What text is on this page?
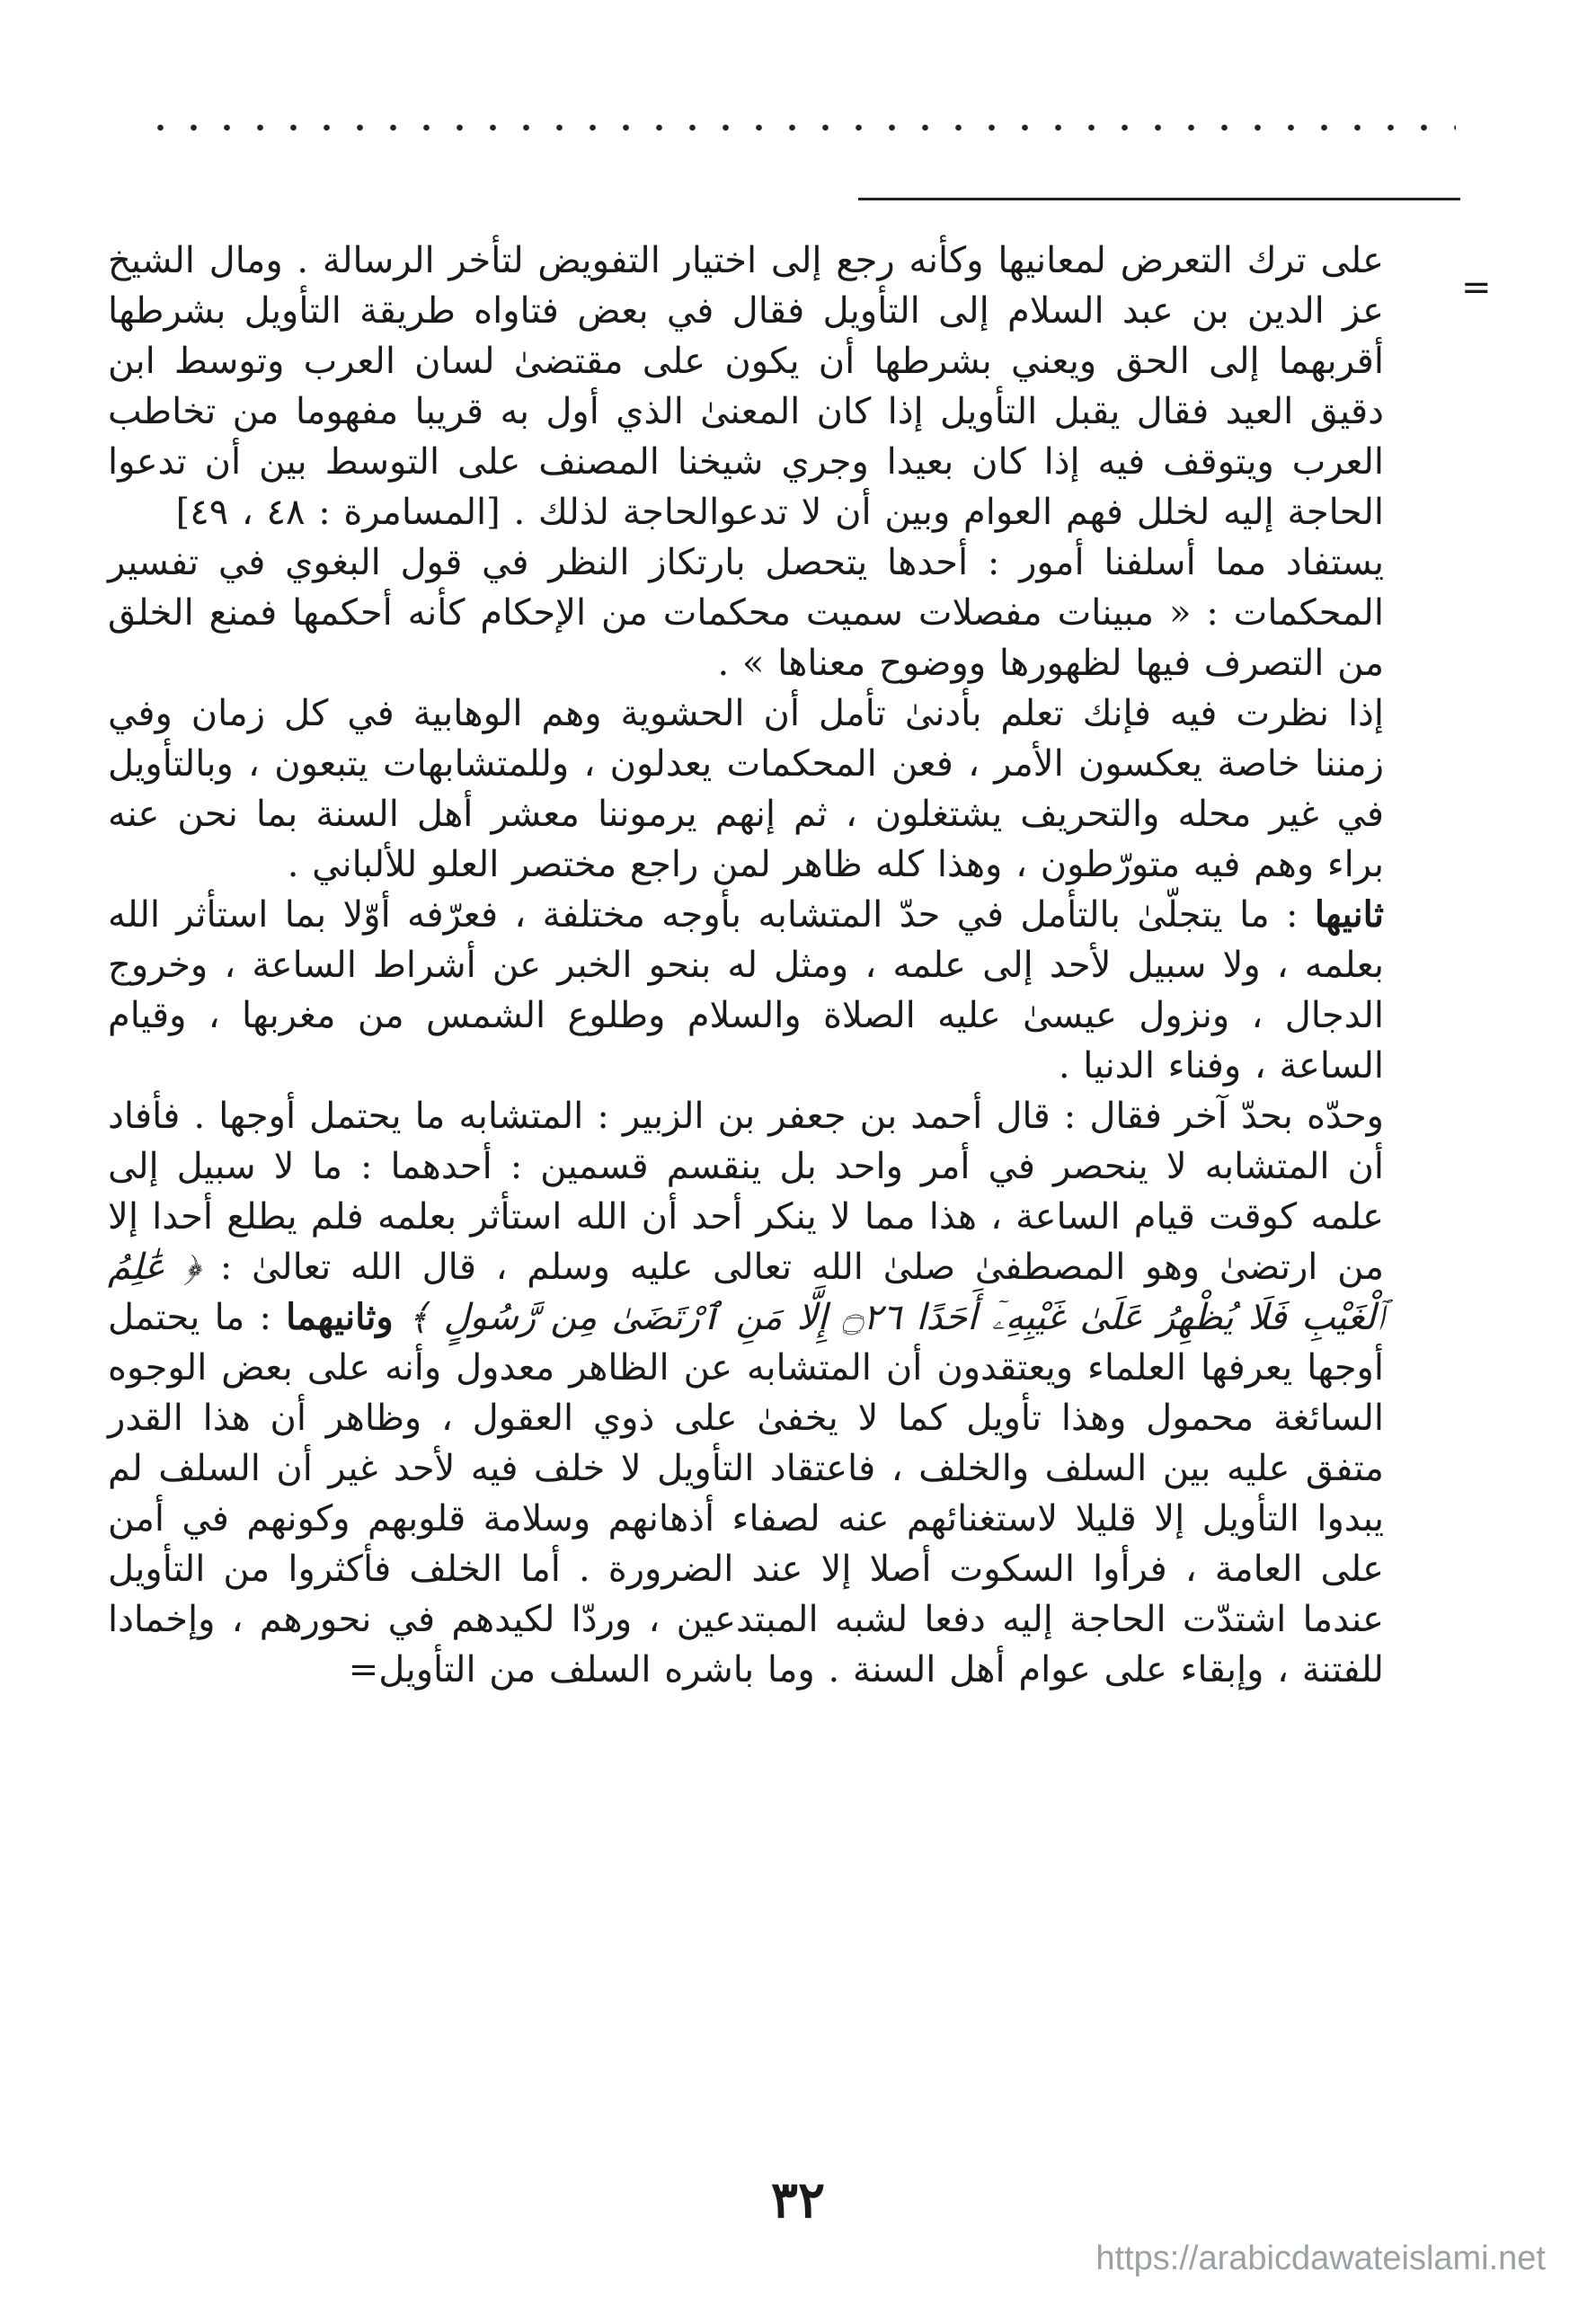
=

على ترك التعرض لمعانيها وكأنه رجع إلى اختيار التفويض لتأخر الرسالة . ومال الشيخ عز الدين بن عبد السلام إلى التأويل فقال في بعض فتاواه طريقة التأويل بشرطها أقربهما إلى الحق ويعني بشرطها أن يكون على مقتضىٰ لسان العرب وتوسط ابن دقيق العيد فقال يقبل التأويل إذا كان المعنىٰ الذي أول به قريبا مفهوما من تخاطب العرب ويتوقف فيه إذا كان بعيدا وجري شيخنا المصنف على التوسط بين أن تدعوا الحاجة إليه لخلل فهم العوام وبين أن لا تدعوالحاجة لذلك . [المسامرة : ٤٨ ، ٤٩]

يستفاد مما أسلفنا أمور : أحدها يتحصل بارتكاز النظر في قول البغوي في تفسير المحكمات : « مبينات مفصلات سميت محكمات من الإحكام كأنه أحكمها فمنع الخلق من التصرف فيها لظهورها ووضوح معناها » .

إذا نظرت فيه فإنك تعلم بأدنىٰ تأمل أن الحشوية وهم الوهابية في كل زمان وفي زمننا خاصة يعكسون الأمر ، فعن المحكمات يعدلون ، وللمتشابهات يتبعون ، وبالتأويل في غير محله والتحريف يشتغلون ، ثم إنهم يرموننا معشر أهل السنة بما نحن عنه براء وهم فيه متورّطون ، وهذا كله ظاهر لمن راجع مختصر العلو للألباني .

ثانيها : ما يتجلّىٰ بالتأمل في حدّ المتشابه بأوجه مختلفة ، فعرّفه أوّلا بما استأثر الله بعلمه ، ولا سبيل لأحد إلى علمه ، ومثل له بنحو الخبر عن أشراط الساعة ، وخروج الدجال ، ونزول عيسىٰ عليه الصلاة والسلام وطلوع الشمس من مغربها ، وقيام الساعة ، وفناء الدنيا .

وحدّه بحدّ آخر فقال : قال أحمد بن جعفر بن الزبير : المتشابه ما يحتمل أوجها . فأفاد أن المتشابه لا ينحصر في أمر واحد بل ينقسم قسمين : أحدهما : ما لا سبيل إلى علمه كوقت قيام الساعة ، هذا مما لا ينكر أحد أن الله استأثر بعلمه فلم يطلع أحدا إلا من ارتضىٰ وهو المصطفىٰ صلىٰ الله تعالى عليه وسلم ، قال الله تعالىٰ : ﴿ عَٰلِمُ ٱلْغَيْبِ فَلَا يُظْهِرُ عَلَىٰ غَيْبِهِۦٓ أَحَدًا ۝٢٦ إِلَّا مَنِ ٱرْتَضَىٰ مِن رَّسُولٍ ﴾ وثانيهما : ما يحتمل أوجها يعرفها العلماء ويعتقدون أن المتشابه عن الظاهر معدول وأنه على بعض الوجوه السائغة محمول وهذا تأويل كما لا يخفىٰ على ذوي العقول ، وظاهر أن هذا القدر متفق عليه بين السلف والخلف ، فاعتقاد التأويل لا خلف فيه لأحد غير أن السلف لم يبدوا التأويل إلا قليلا لاستغنائهم عنه لصفاء أذهانهم وسلامة قلوبهم وكونهم في أمن على العامة ، فرأوا السكوت أصلا إلا عند الضرورة . أما الخلف فأكثروا من التأويل عندما اشتدّت الحاجة إليه دفعا لشبه المبتدعين ، وردّا لكيدهم في نحورهم ، وإخمادا للفتنة ، وإبقاء على عوام أهل السنة . وما باشره السلف من التأويل=

٣٢
https://arabicdawateislami.net
